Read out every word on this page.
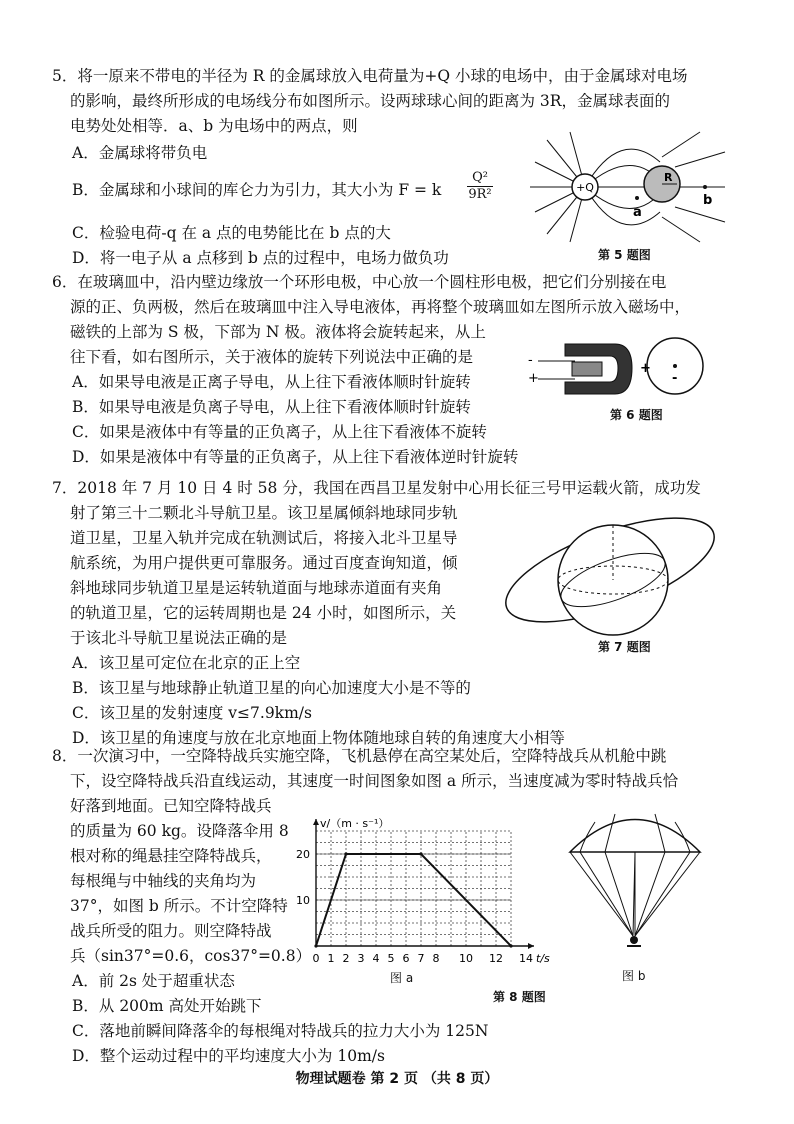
5．将一原来不带电的半径为 R 的金属球放入电荷量为+Q 小球的电场中，由于金属球对电场
的影响，最终所形成的电场线分布如图所示。设两球球心间的距离为 3R，金属球表面的
电势处处相等．a、b 为电场中的两点，则
A．金属球将带负电
B．金属球和小球间的库仑力为引力，其大小为 F = k $\frac{\text{Q²}}{\text{9R²}}$
C．检验电荷-q 在 a 点的电势能比在 b 点的大
D．将一电子从 a 点移到 b 点的过程中，电场力做负功
+Q
R
a
b
第 5 题图
6．在玻璃皿中，沿内壁边缘放一个环形电极，中心放一个圆柱形电极，把它们分别接在电
源的正、负两极，然后在玻璃皿中注入导电液体，再将整个玻璃皿如左图所示放入磁场中，
磁铁的上部为 S 极，下部为 N 极。液体将会旋转起来，从上
往下看，如右图所示，关于液体的旋转下列说法中正确的是
A．如果导电液是正离子导电，从上往下看液体顺时针旋转
B．如果导电液是负离子导电，从上往下看液体顺时针旋转
C．如果是液体中有等量的正负离子，从上往下看液体不旋转
D．如果是液体中有等量的正负离子，从上往下看液体逆时针旋转
-
+
+
-
第 6 题图
7．2018 年 7 月 10 日 4 时 58 分，我国在西昌卫星发射中心用长征三号甲运载火箭，成功发
射了第三十二颗北斗导航卫星。该卫星属倾斜地球同步轨
道卫星，卫星入轨并完成在轨测试后，将接入北斗卫星导
航系统，为用户提供更可靠服务。通过百度查询知道，倾
斜地球同步轨道卫星是运转轨道面与地球赤道面有夹角
的轨道卫星，它的运转周期也是 24 小时，如图所示，关
于该北斗导航卫星说法正确的是
A．该卫星可定位在北京的正上空
B．该卫星与地球静止轨道卫星的向心加速度大小是不等的
C．该卫星的发射速度 v≤7.9km/s
D．该卫星的角速度与放在北京地面上物体随地球自转的角速度大小相等
第 7 题图
8．一次演习中，一空降特战兵实施空降，飞机悬停在高空某处后，空降特战兵从机舱中跳
下，设空降特战兵沿直线运动，其速度一时间图象如图 a 所示，当速度减为零时特战兵恰
好落到地面。已知空降特战兵
的质量为 60 kg。设降落伞用 8
根对称的绳悬挂空降特战兵，
每根绳与中轴线的夹角均为
37°，如图 b 所示。不计空降特
战兵所受的阻力。则空降特战
兵（sin37°=0.6，cos37°=0.8）
A．前 2s 处于超重状态
B．从 200m 高处开始跳下
C．落地前瞬间降落伞的每根绳对特战兵的拉力大小为 125N
D．整个运动过程中的平均速度大小为 10m/s
v/（m · s⁻¹）
t/s
0 1 2 3 4 5 6 7 8 10 12 14
10
20
图 a	图 b
第 8 题图
物理试题卷 第 2 页 （共 8 页）
